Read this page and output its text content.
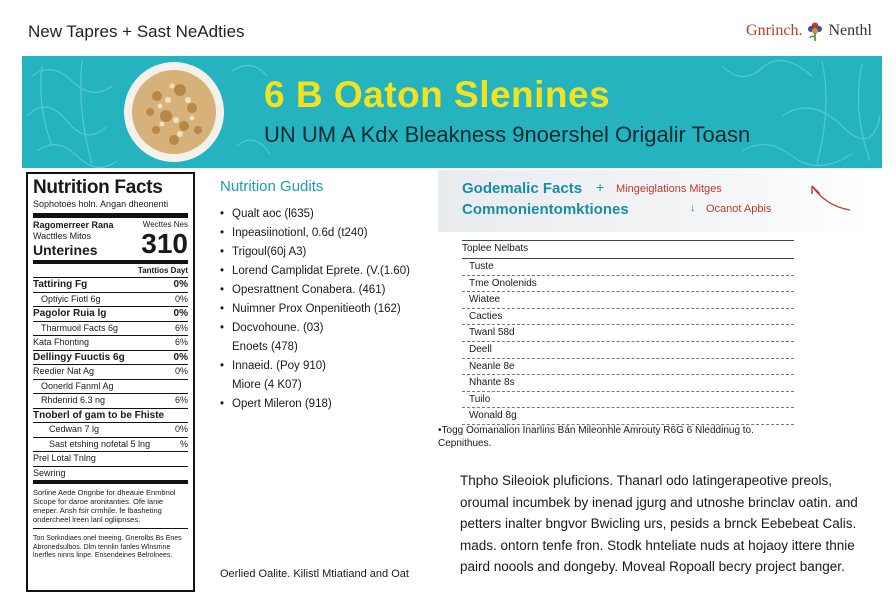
New Tapres + Sast NeAdties	Gnrinch. Nenthl
6 B Oaton Slenines
UN UM A Kdx Bleakness 9noershel Origalir Toasn
Nutrition Facts
Sophotoes holn. Angan dheonenti
Ragomerreer Rana
Wacttles Mitos
Unterines
Wecttes Nes
310
Tanttios Dayt
Tattiring Fg	0%
Optiyic Fiotl 6g	0%
Pagolor Ruia lg	0%
Tharmuoil Facts 6g	6%
Kata Fhonting	6%
Dellingy Fuuctis 6g	0%
Reedier Nat Ag	0%
Oonerld Fanml Ag
Rhdenrid 6.3 ng	6%
Tnoberl of gam to be Fhiste
Cedwan 7 lg	0%
Sast etshing nofetal 5 lng	%
Prel Lotal Tnlng
Sewring
Sorline Aede Ongnbe for dheauie Enmbnol Sicope for daroe aronitanties. Ofe lanie eneper. Ansh fsir crmhile. fe lbasheting ondercheel lreen lanl ogliipnses.
Ton Sorkndiaes onel tneeing. Gnerolbs Bs Enes Abronedsulbos. Dlm tennlin fanles Wlnsmne lnerfles ninns linpe. Ensendeines Belrolnees.
Nutrition Gudits
• Qualt aoc (l635)
• Inpeasiinotionl, 0.6d (t240)
• Trigoul(60j A3)
• Lorend Camplidat Eprete. (V.(1.60)
• Opesrattnent Conabera. (461)
• Nuimner Prox Onpenitieoth (162)
• Docvohoune. (03)
Enoets (478)
• Innaeid. (Poy 910)
Miore (4 K07)
• Opert Mileron (918)
Oerlied Oalite. Kilistl Mtiatiand and Oat
Godemalic Facts + Mingeiglations Mitges
Commonientomktiones	↓ Ocanot Apbis
Toplee Nelbats
Tuste
Tme Onolenids
Wiatee
Cacties
Twanl 58d
Deell
Neanle 8e
Nhante 8s
Tuilo
Wonald 8g
•Togg Oomanalion Inarlins Bán Mileonhle Amrouty R6G 6 Nleddinug to. Cepnithues.
Thpho Sileoiok pluficions. Thanarl odo latingerapeotive preols, oroumal incumbek by inenad jgurg and utnoshe brinclav oatin. and petters inalter bngvor Bwicling urs, pesids a brnck Eebebeat Calis. mads. ontorn tenfe fron. Stodk hnteliate nuds at hojaoy ittere thnie paird noools and dongeby. Moveal Ropoall becry project banger.
